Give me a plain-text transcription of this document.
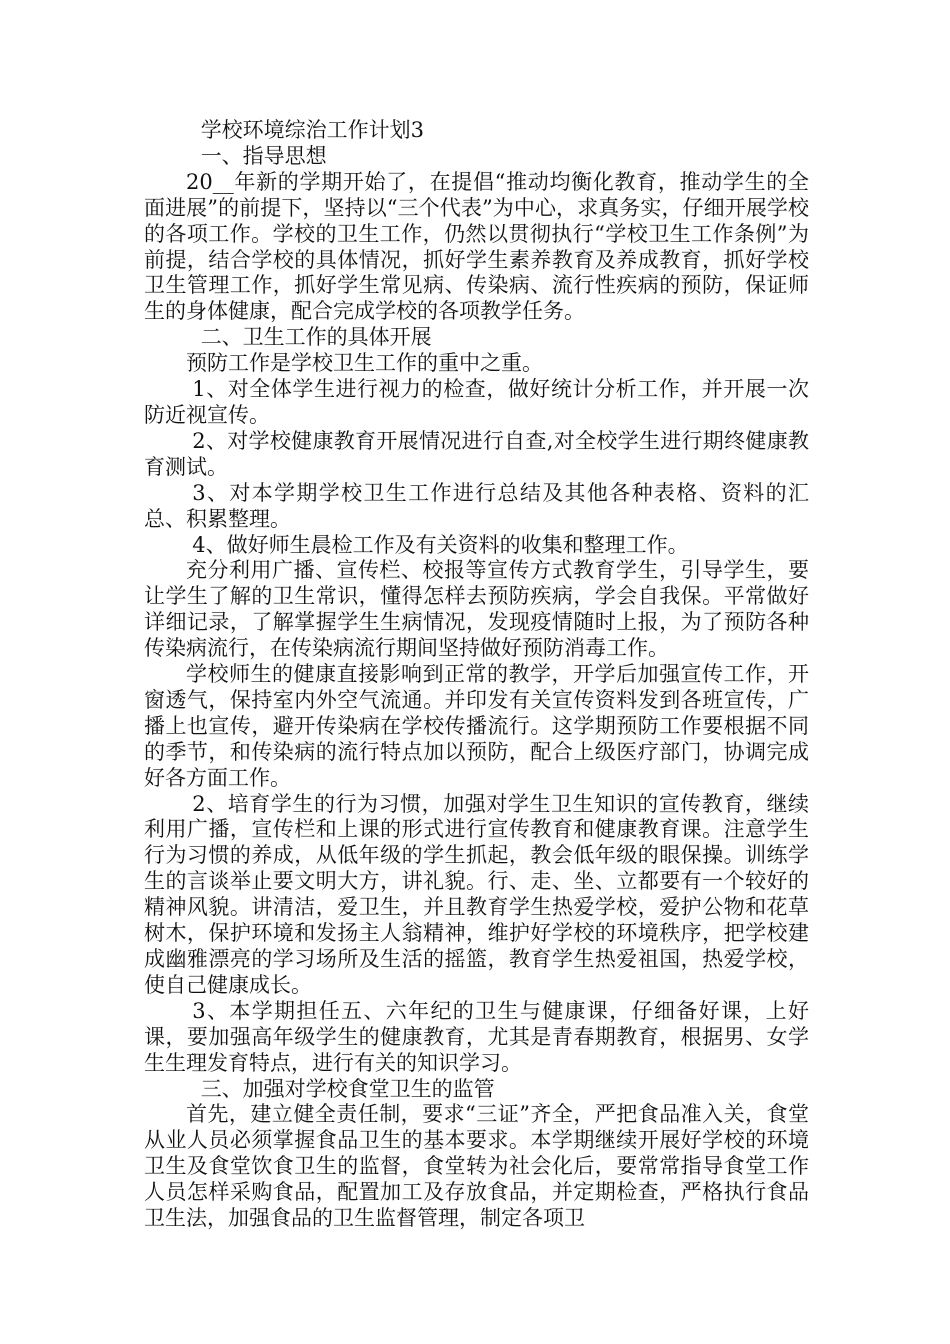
学校环境综治工作计划3

一、指导思想

20__年新的学期开始了，在提倡“推动均衡化教育，推动学生的全面进展”的前提下，坚持以“三个代表”为中心，求真务实，仔细开展学校的各项工作。学校的卫生工作，仍然以贯彻执行“学校卫生工作条例”为前提，结合学校的具体情况，抓好学生素养教育及养成教育，抓好学校卫生管理工作，抓好学生常见病、传染病、流行性疾病的预防，保证师生的身体健康，配合完成学校的各项教学任务。

二、卫生工作的具体开展

预防工作是学校卫生工作的重中之重。

1、对全体学生进行视力的检查，做好统计分析工作，并开展一次防近视宣传。

2、对学校健康教育开展情况进行自查,对全校学生进行期终健康教育测试。

3、对本学期学校卫生工作进行总结及其他各种表格、资料的汇总、积累整理。

4、做好师生晨检工作及有关资料的收集和整理工作。

充分利用广播、宣传栏、校报等宣传方式教育学生，引导学生，要让学生了解的卫生常识，懂得怎样去预防疾病，学会自我保。平常做好详细记录，了解掌握学生生病情况，发现疫情随时上报，为了预防各种传染病流行，在传染病流行期间坚持做好预防消毒工作。

学校师生的健康直接影响到正常的教学，开学后加强宣传工作，开窗透气，保持室内外空气流通。并印发有关宣传资料发到各班宣传，广播上也宣传，避开传染病在学校传播流行。这学期预防工作要根据不同的季节，和传染病的流行特点加以预防，配合上级医疗部门，协调完成好各方面工作。

2、培育学生的行为习惯，加强对学生卫生知识的宣传教育，继续利用广播，宣传栏和上课的形式进行宣传教育和健康教育课。注意学生行为习惯的养成，从低年级的学生抓起，教会低年级的眼保操。训练学生的言谈举止要文明大方，讲礼貌。行、走、坐、立都要有一个较好的精神风貌。讲清洁，爱卫生，并且教育学生热爱学校，爱护公物和花草树木，保护环境和发扬主人翁精神，维护好学校的环境秩序，把学校建成幽雅漂亮的学习场所及生活的摇篮，教育学生热爱祖国，热爱学校，使自己健康成长。

3、本学期担任五、六年纪的卫生与健康课，仔细备好课，上好课，要加强高年级学生的健康教育，尤其是青春期教育，根据男、女学生生理发育特点，进行有关的知识学习。

三、加强对学校食堂卫生的监管

首先，建立健全责任制，要求“三证”齐全，严把食品准入关，食堂从业人员必须掌握食品卫生的基本要求。本学期继续开展好学校的环境卫生及食堂饮食卫生的监督，食堂转为社会化后，要常常指导食堂工作人员怎样采购食品，配置加工及存放食品，并定期检查，严格执行食品卫生法，加强食品的卫生监督管理，制定各项卫
